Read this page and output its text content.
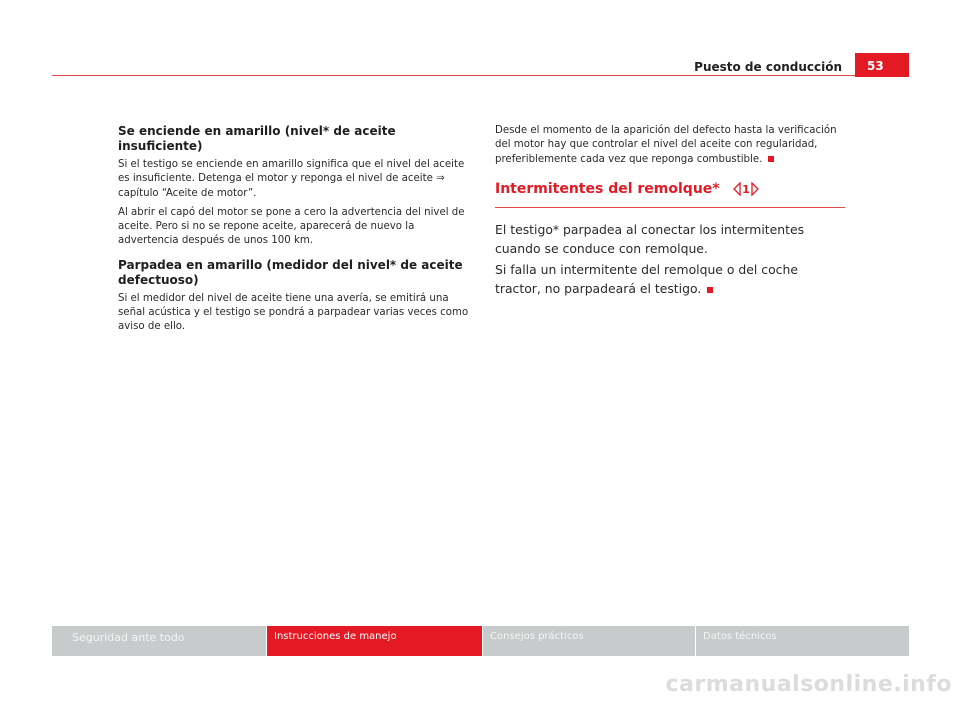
Puesto de conducción	53
Se enciende en amarillo (nivel* de aceite insuficiente)

Si el testigo se enciende en amarillo significa que el nivel del aceite es insuficiente. Detenga el motor y reponga el nivel de aceite ⇒ capítulo “Aceite de motor”.

Al abrir el capó del motor se pone a cero la advertencia del nivel de aceite. Pero si no se repone aceite, aparecerá de nuevo la advertencia después de unos 100 km.

Parpadea en amarillo (medidor del nivel* de aceite defectuoso)

Si el medidor del nivel de aceite tiene una avería, se emitirá una señal acústica y el testigo se pondrá a parpadear varias veces como aviso de ello.

Desde el momento de la aparición del defecto hasta la verificación del motor hay que controlar el nivel del aceite con regularidad, preferiblemente cada vez que reponga combustible.

Intermitentes del remolque* 1

El testigo* parpadea al conectar los intermitentes cuando se conduce con remolque.

Si falla un intermitente del remolque o del coche tractor, no parpadeará el testigo.

Seguridad ante todo	Instrucciones de manejo	Consejos prácticos	Datos técnicos
carmanualsonline.info
